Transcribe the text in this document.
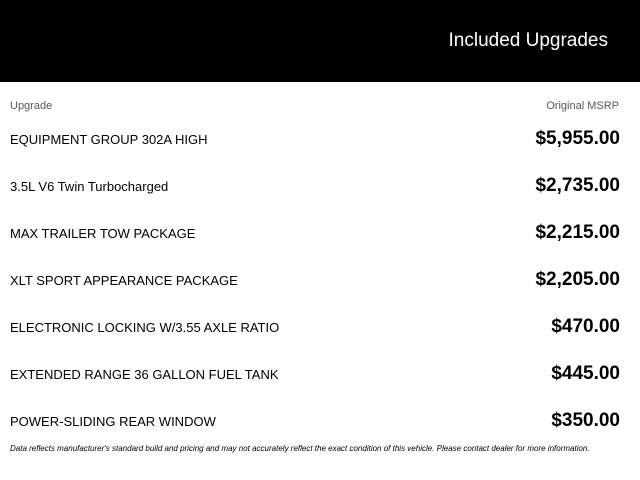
Included Upgrades
Upgrade	Original MSRP
EQUIPMENT GROUP 302A HIGH	$5,955.00
3.5L V6 Twin Turbocharged	$2,735.00
MAX TRAILER TOW PACKAGE	$2,215.00
XLT SPORT APPEARANCE PACKAGE	$2,205.00
ELECTRONIC LOCKING W/3.55 AXLE RATIO	$470.00
EXTENDED RANGE 36 GALLON FUEL TANK	$445.00
POWER-SLIDING REAR WINDOW	$350.00
Data reflects manufacturer's standard build and pricing and may not accurately reflect the exact condition of this vehicle. Please contact dealer for more information.
